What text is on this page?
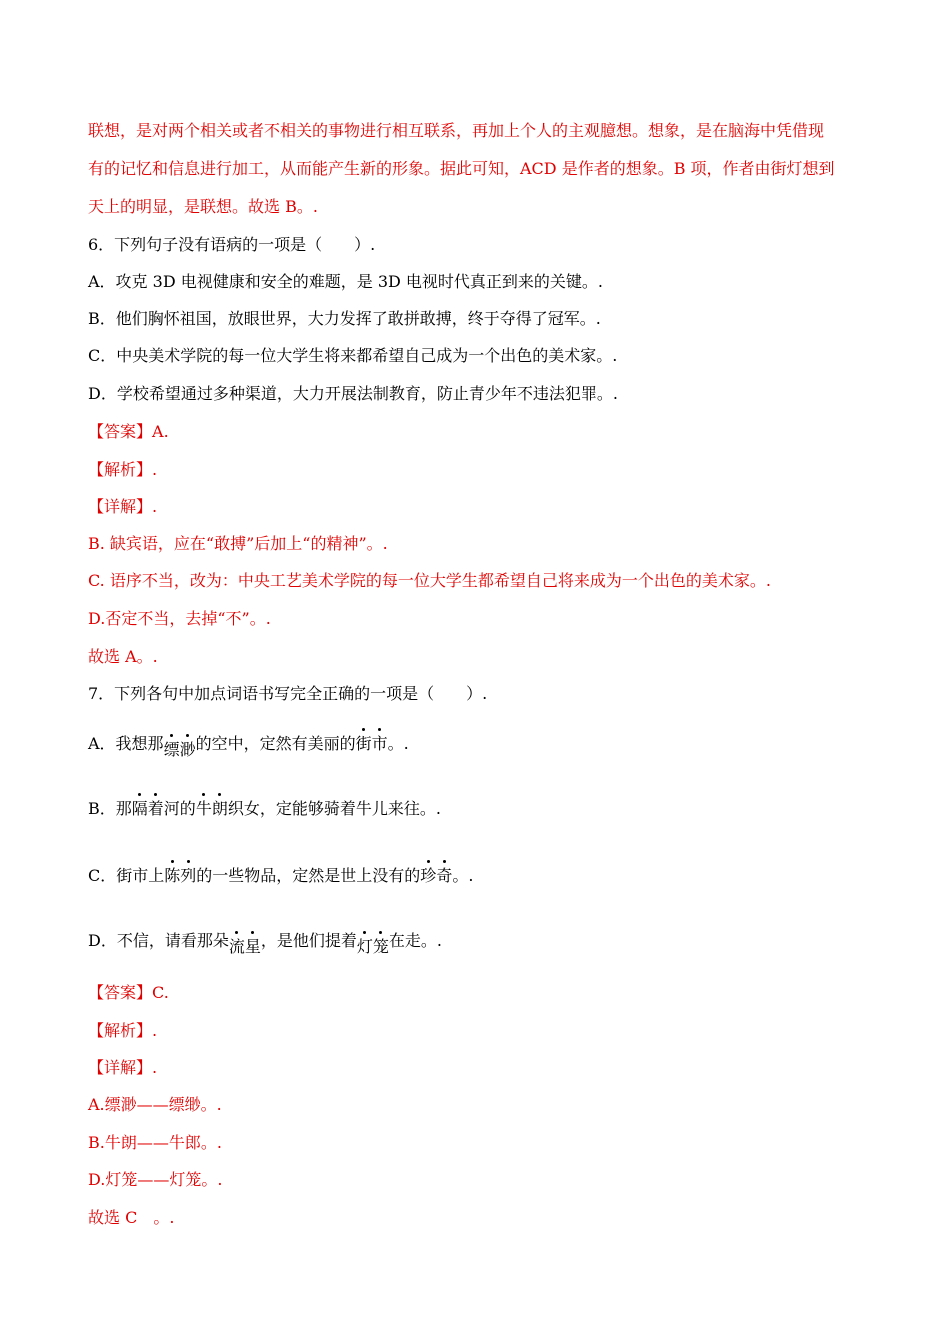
联想，是对两个相关或者不相关的事物进行相互联系，再加上个人的主观臆想。想象，是在脑海中凭借现
有的记忆和信息进行加工，从而能产生新的形象。据此可知，ACD 是作者的想象。B 项，作者由街灯想到
天上的明显，是联想。故选 B。.
6．下列句子没有语病的一项是（　　）.
A．攻克 3D 电视健康和安全的难题，是 3D 电视时代真正到来的关键。.
B．他们胸怀祖国，放眼世界，大力发挥了敢拼敢搏，终于夺得了冠军。.
C．中央美术学院的每一位大学生将来都希望自己成为一个出色的美术家。.
D．学校希望通过多种渠道，大力开展法制教育，防止青少年不违法犯罪。.
【答案】A.
【解析】.
【详解】.
B. 缺宾语，应在“敢搏”后加上“的精神”。.
C. 语序不当，改为：中央工艺美术学院的每一位大学生都希望自己将来成为一个出色的美术家。.
D.否定不当，去掉“不”。.
故选 A。.
7．下列各句中加点词语书写完全正确的一项是（　　）.
A．我想那缥渺的空中，定然有美丽的街市。.
B．那隔着河的牛朗织女，定能够骑着牛儿来往。.
C．街市上陈列的一些物品，定然是世上没有的珍奇。.
D．不信，请看那朵流星，是他们提着灯笼在走。.
【答案】C.
【解析】.
【详解】.
A.缥渺——缥缈。.
B.牛朗——牛郎。.
D.灯笼——灯笼。.
故选 C　。.
